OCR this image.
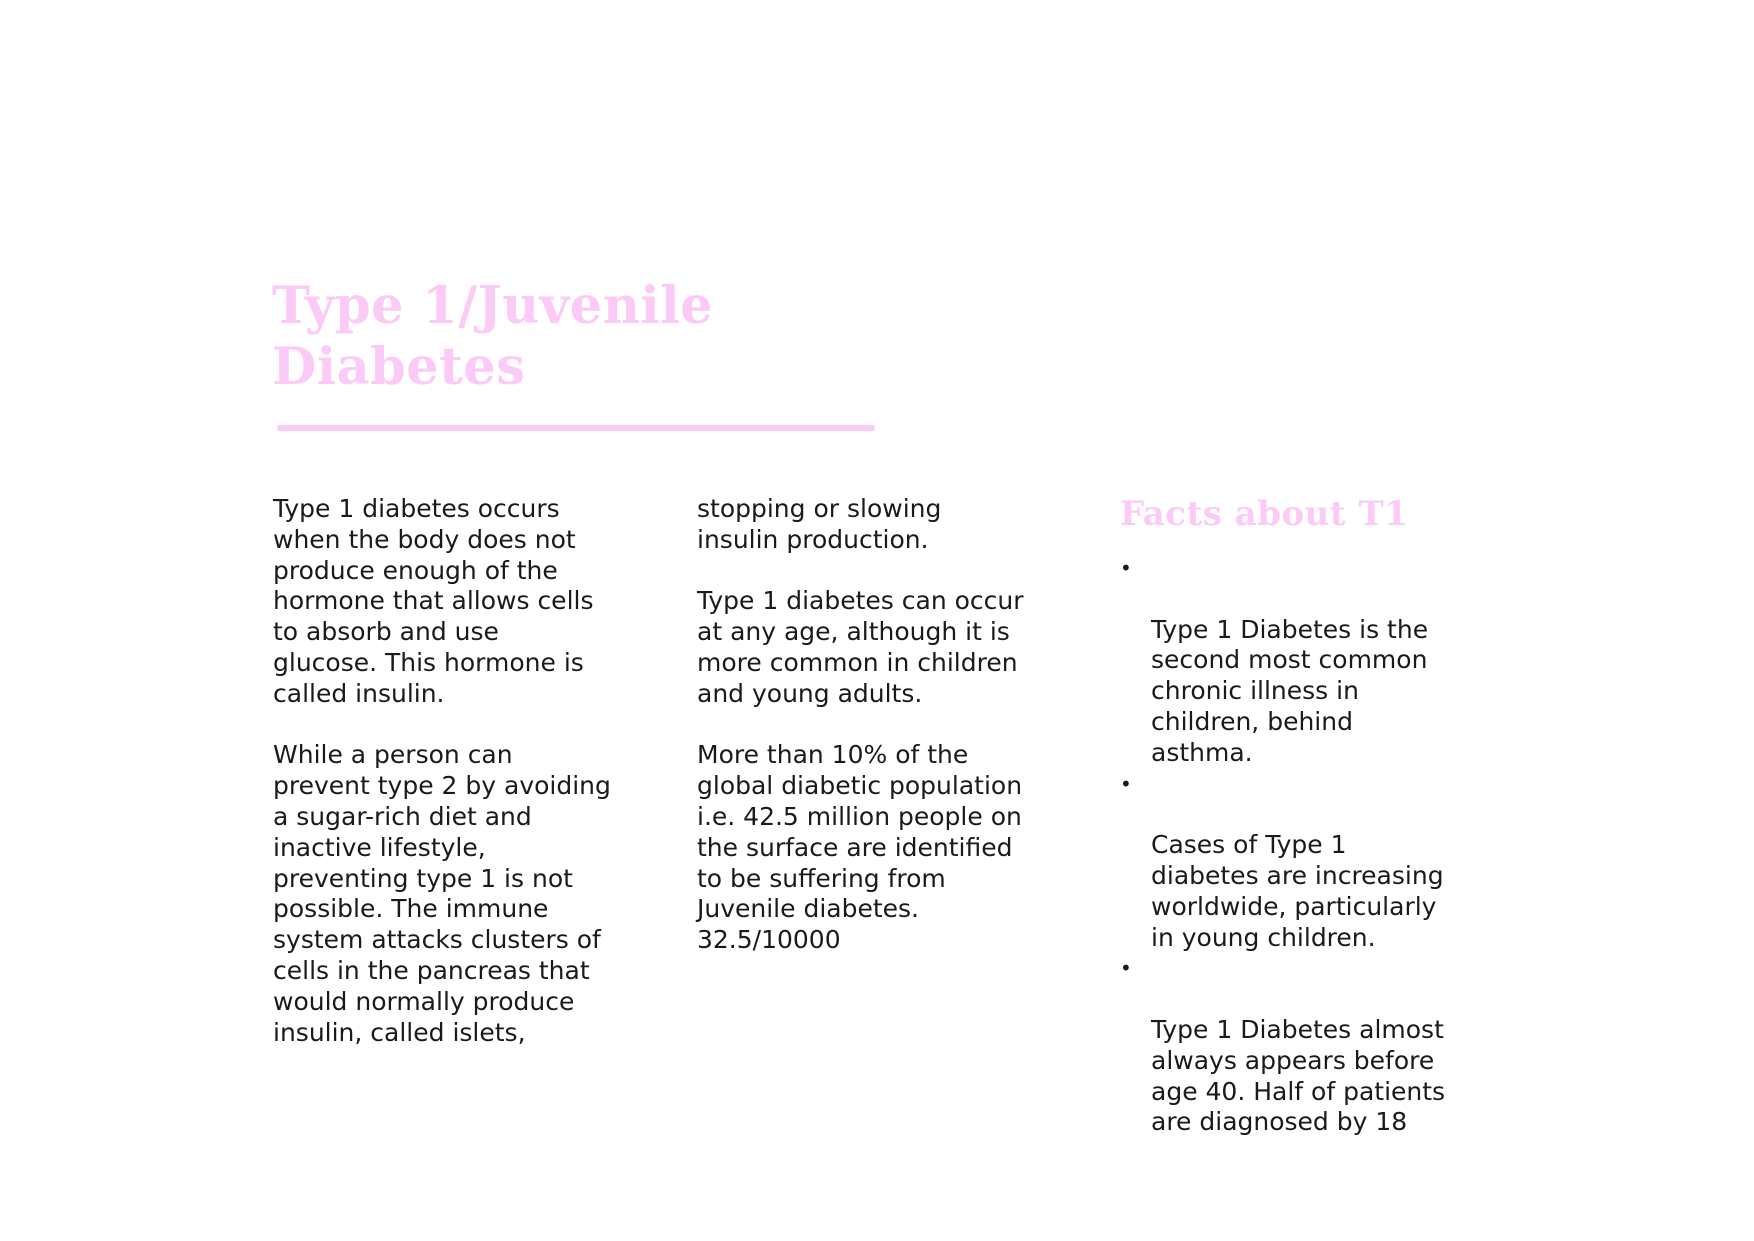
Type 1/Juvenile
Diabetes

Type 1 diabetes occurs
when the body does not
produce enough of the
hormone that allows cells
to absorb and use
glucose. This hormone is
called insulin.

While a person can
prevent type 2 by avoiding
a sugar-rich diet and
inactive lifestyle,
preventing type 1 is not
possible. The immune
system attacks clusters of
cells in the pancreas that
would normally produce
insulin, called islets,

stopping or slowing
insulin production.

Type 1 diabetes can occur
at any age, although it is
more common in children
and young adults.

More than 10% of the
global diabetic population
i.e. 42.5 million people on
the surface are identified
to be suffering from
Juvenile diabetes.
32.5/10000

Facts about T1

•

Type 1 Diabetes is the
second most common
chronic illness in
children, behind
asthma.

•

Cases of Type 1
diabetes are increasing
worldwide, particularly
in young children.

•

Type 1 Diabetes almost
always appears before
age 40. Half of patients
are diagnosed by 18
